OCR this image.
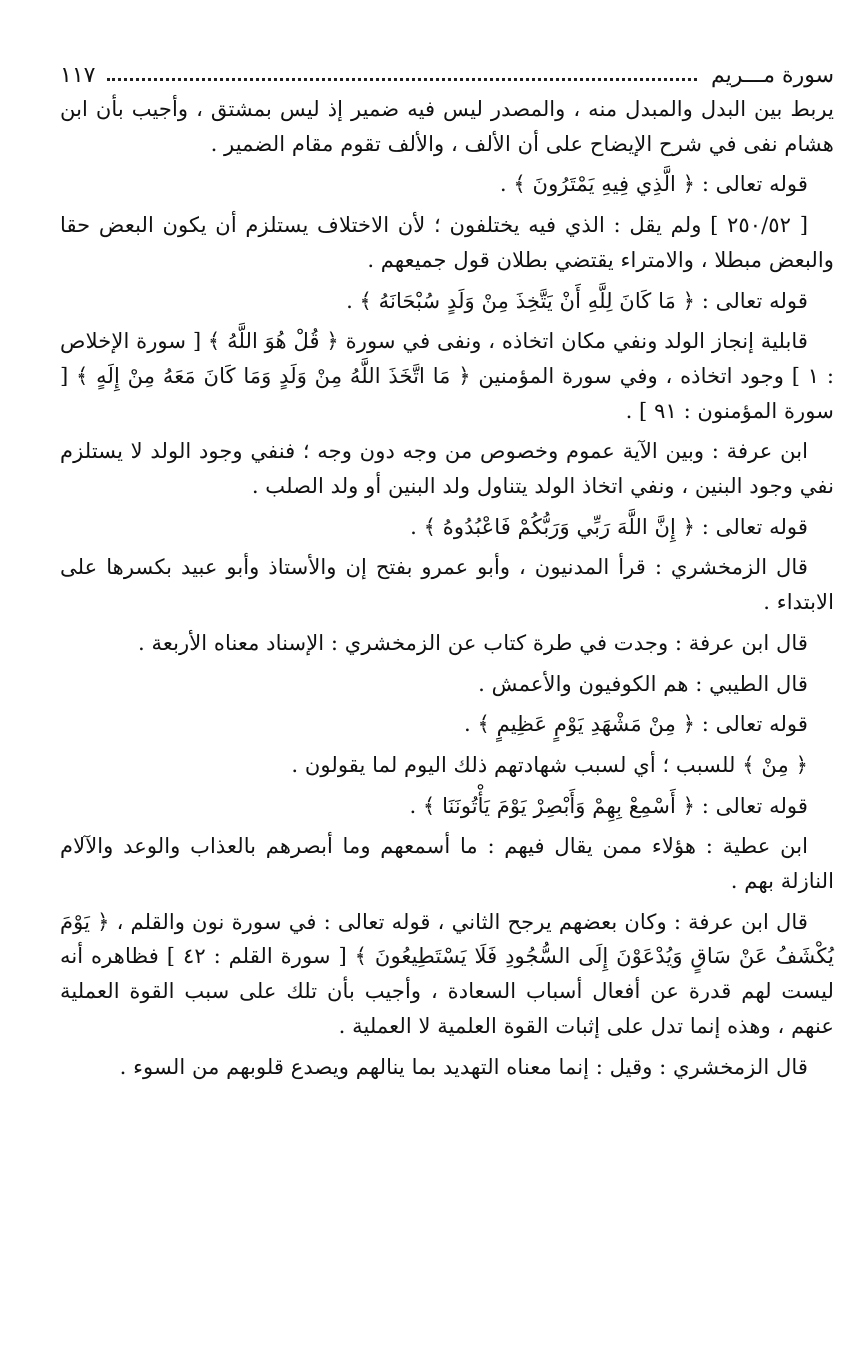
سورة مـــريم
١١٧

يربط بين البدل والمبدل منه ، والمصدر ليس فيه ضمير إذ ليس بمشتق ، وأجيب بأن ابن هشام نفى في شرح الإيضاح على أن الألف ، والألف تقوم مقام الضمير .

قوله تعالى : ﴿ الَّذِي فِيهِ يَمْتَرُونَ ﴾ .

[ ٢٥٠/٥٢ ] ولم يقل : الذي فيه يختلفون ؛ لأن الاختلاف يستلزم أن يكون البعض حقا والبعض مبطلا ، والامتراء يقتضي بطلان قول جميعهم .

قوله تعالى : ﴿ مَا كَانَ لِلَّهِ أَنْ يَتَّخِذَ مِنْ وَلَدٍ سُبْحَانَهُ ﴾ .

قابلية إنجاز الولد ونفي مكان اتخاذه ، ونفى في سورة ﴿ قُلْ هُوَ اللَّهُ ﴾ [ سورة الإخلاص : ١ ] وجود اتخاذه ، وفي سورة المؤمنين ﴿ مَا اتَّخَذَ اللَّهُ مِنْ وَلَدٍ وَمَا كَانَ مَعَهُ مِنْ إِلَهٍ ﴾ [ سورة المؤمنون : ٩١ ] .

ابن عرفة : وبين الآية عموم وخصوص من وجه دون وجه ؛ فنفي وجود الولد لا يستلزم نفي وجود البنين ، ونفي اتخاذ الولد يتناول ولد البنين أو ولد الصلب .

قوله تعالى : ﴿ إِنَّ اللَّهَ رَبِّي وَرَبُّكُمْ فَاعْبُدُوهُ ﴾ .

قال الزمخشري : قرأ المدنيون ، وأبو عمرو بفتح إن والأستاذ وأبو عبيد بكسرها على الابتداء .

قال ابن عرفة : وجدت في طرة كتاب عن الزمخشري : الإسناد معناه الأربعة .

قال الطيبي : هم الكوفيون والأعمش .

قوله تعالى : ﴿ مِنْ مَشْهَدِ يَوْمٍ عَظِيمٍ ﴾ .

﴿ مِنْ ﴾ للسبب ؛ أي لسبب شهادتهم ذلك اليوم لما يقولون .

قوله تعالى : ﴿ أَسْمِعْ بِهِمْ وَأَبْصِرْ يَوْمَ يَأْتُونَنَا ﴾ .

ابن عطية : هؤلاء ممن يقال فيهم : ما أسمعهم وما أبصرهم بالعذاب والوعد والآلام النازلة بهم .

قال ابن عرفة : وكان بعضهم يرجح الثاني ، قوله تعالى : في سورة نون والقلم ، ﴿ يَوْمَ يُكْشَفُ عَنْ سَاقٍ وَيُدْعَوْنَ إِلَى السُّجُودِ فَلَا يَسْتَطِيعُونَ ﴾ [ سورة القلم : ٤٢ ] فظاهره أنه ليست لهم قدرة عن أفعال أسباب السعادة ، وأجيب بأن تلك على سبب القوة العملية عنهم ، وهذه إنما تدل على إثبات القوة العلمية لا العملية .

قال الزمخشري : وقيل : إنما معناه التهديد بما ينالهم ويصدع قلوبهم من السوء .
